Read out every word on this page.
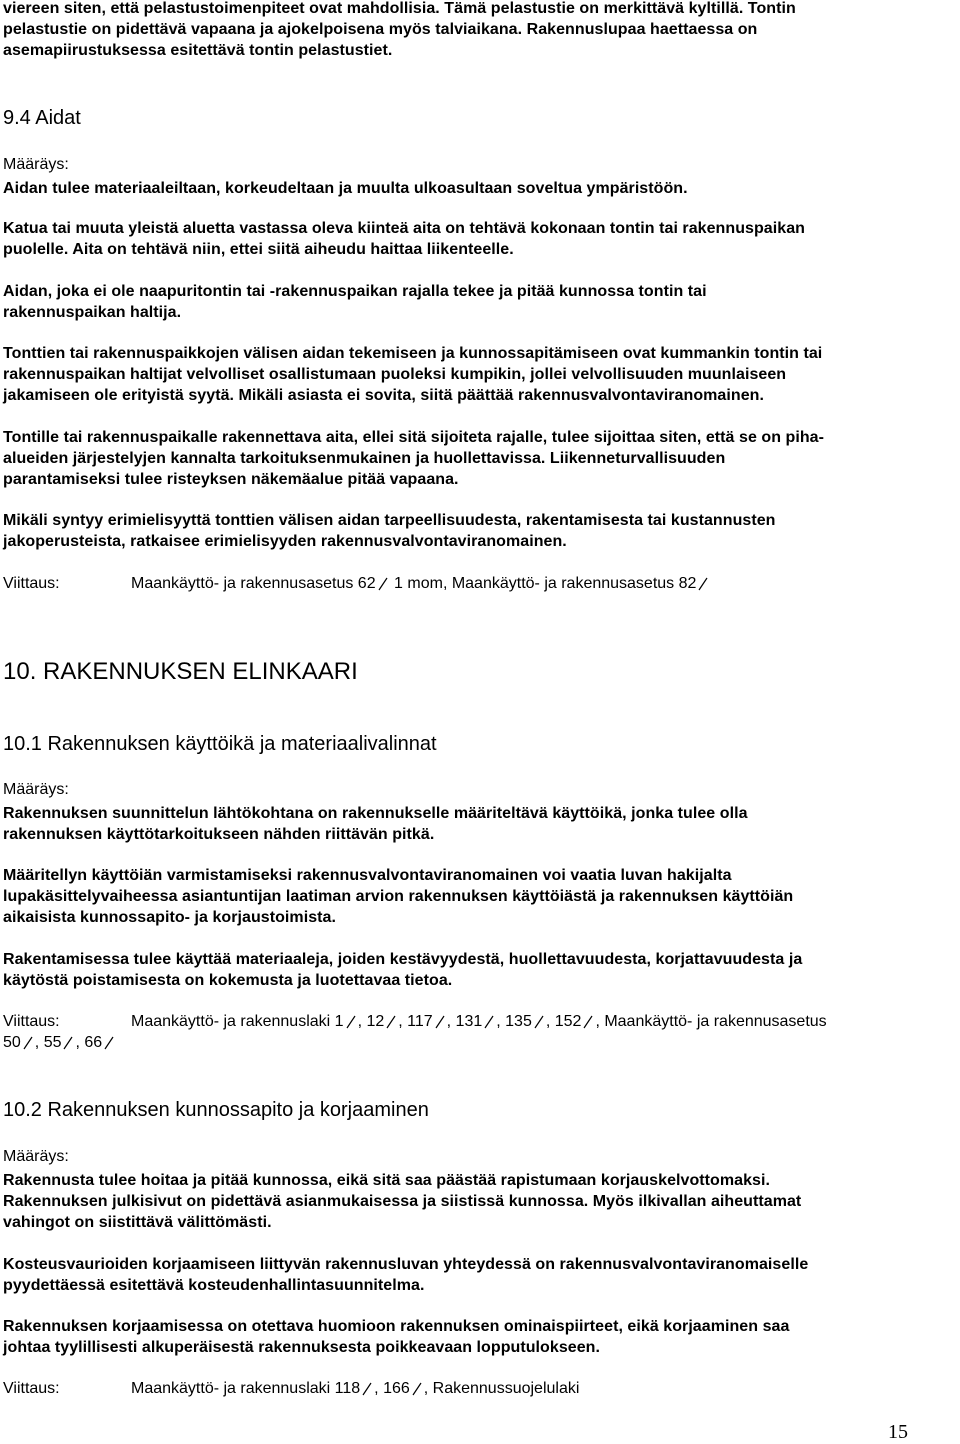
viereen siten, että pelastustoimenpiteet ovat mahdollisia. Tämä pelastustie on merkittävä kyltillä. Tontin
pelastustie on pidettävä vapaana ja ajokelpoisena myös talviaikana. Rakennuslupaa haettaessa on
asemapiirustuksessa esitettävä tontin pelastustiet.
9.4 Aidat
Määräys:
Aidan tulee materiaaleiltaan, korkeudeltaan ja muulta ulkoasultaan soveltua ympäristöön.
Katua tai muuta yleistä aluetta vastassa oleva kiinteä aita on tehtävä kokonaan tontin tai rakennuspaikan
puolelle. Aita on tehtävä niin, ettei siitä aiheudu haittaa liikenteelle.
Aidan, joka ei ole naapuritontin tai -rakennuspaikan rajalla tekee ja pitää kunnossa tontin tai
rakennuspaikan haltija.
Tonttien tai rakennuspaikkojen välisen aidan tekemiseen ja kunnossapitämiseen ovat kummankin tontin tai
rakennuspaikan haltijat velvolliset osallistumaan puoleksi kumpikin, jollei velvollisuuden muunlaiseen
jakamiseen ole erityistä syytä. Mikäli asiasta ei sovita, siitä päättää rakennusvalvontaviranomainen.
Tontille tai rakennuspaikalle rakennettava aita, ellei sitä sijoiteta rajalle, tulee sijoittaa siten, että se on piha-
alueiden järjestelyjen kannalta tarkoituksenmukainen ja huollettavissa. Liikenneturvallisuuden
parantamiseksi tulee risteyksen näkemäalue pitää vapaana.
Mikäli syntyy erimielisyyttä tonttien välisen aidan tarpeellisuudesta, rakentamisesta tai kustannusten
jakoperusteista, ratkaisee erimielisyyden rakennusvalvontaviranomainen.
Viittaus:	Maankäyttö- ja rakennusasetus 62
1 mom, Maankäyttö- ja rakennusasetus 82
10. RAKENNUKSEN ELINKAARI
10.1 Rakennuksen käyttöikä ja materiaalivalinnat
Määräys:
Rakennuksen suunnittelun lähtökohtana on rakennukselle määriteltävä käyttöikä, jonka tulee olla
rakennuksen käyttötarkoitukseen nähden riittävän pitkä.
Määritellyn käyttöiän varmistamiseksi rakennusvalvontaviranomainen voi vaatia luvan hakijalta
lupakäsittelyvaiheessa asiantuntijan laatiman arvion rakennuksen käyttöiästä ja rakennuksen käyttöiän
aikaisista kunnossapito- ja korjaustoimista.
Rakentamisessa tulee käyttää materiaaleja, joiden kestävyydestä, huollettavuudesta, korjattavuudesta ja
käytöstä poistamisesta on kokemusta ja luotettavaa tietoa.
Viittaus:	Maankäyttö- ja rakennuslaki 1 , 12 , 117 , 131 , 135 , 152 , Maankäyttö- ja rakennusasetus
50 , 55 , 66
10.2 Rakennuksen kunnossapito ja korjaaminen
Määräys:
Rakennusta tulee hoitaa ja pitää kunnossa, eikä sitä saa päästää rapistumaan korjauskelvottomaksi.
Rakennuksen julkisivut on pidettävä asianmukaisessa ja siistissä kunnossa. Myös ilkivallan aiheuttamat
vahingot on siistittävä välittömästi.
Kosteusvaurioiden korjaamiseen liittyvän rakennusluvan yhteydessä on rakennusvalvontaviranomaiselle
pyydettäessä esitettävä kosteudenhallintasuunnitelma.
Rakennuksen korjaamisessa on otettava huomioon rakennuksen ominaispiirteet, eikä korjaaminen saa
johtaa tyylillisesti alkuperäisestä rakennuksesta poikkeavaan lopputulokseen.
Viittaus:	Maankäyttö- ja rakennuslaki 118 , 166 , Rakennussuojelulaki
15
